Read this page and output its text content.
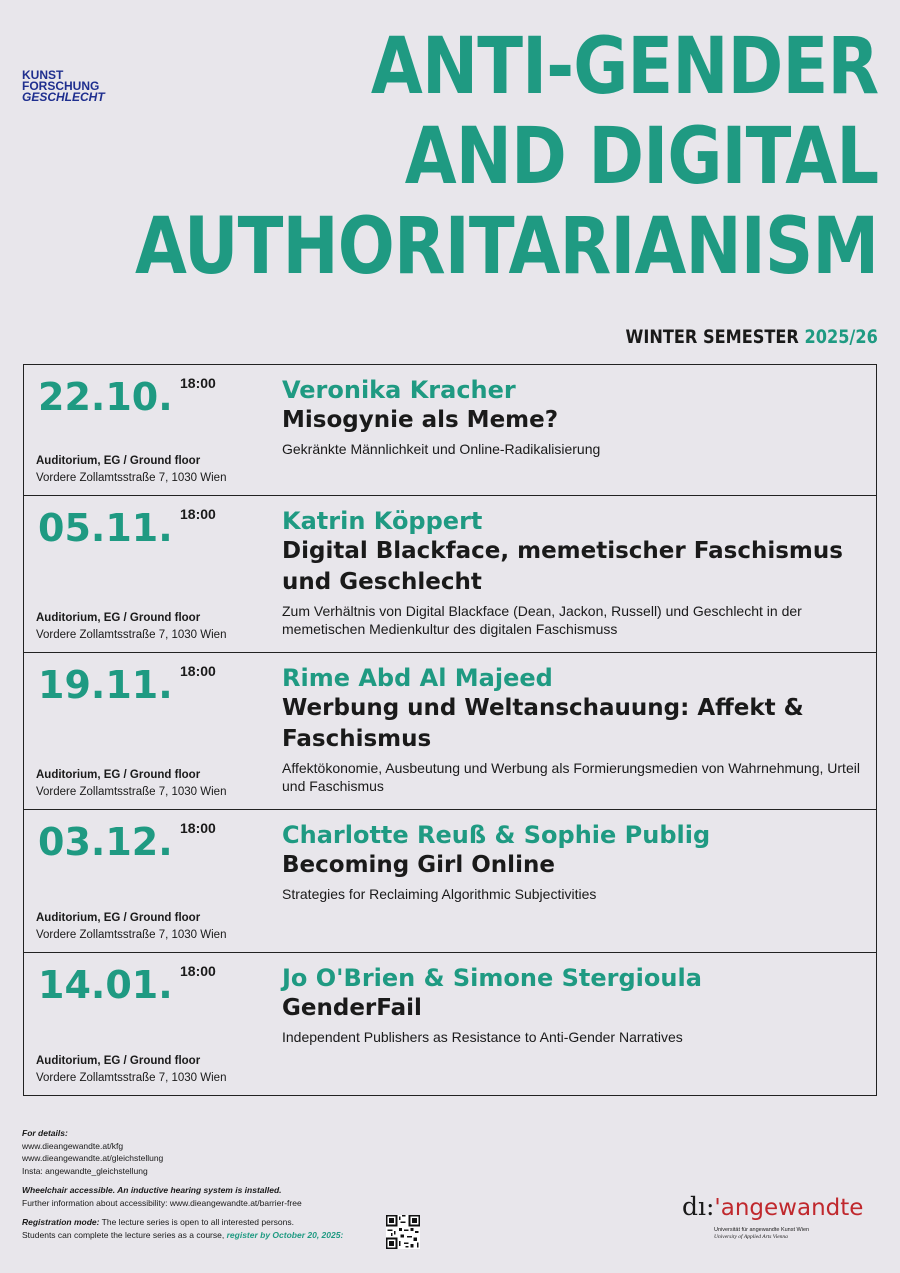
KUNST
FORSCHUNG
GESCHLECHT	ANTI-GENDER
AND DIGITAL
AUTHORITARIANISM
WINTER SEMESTER 2025/26
22.10. 18:00	Veronika Kracher
Misogynie als Meme?
Gekränkte Männlichkeit und Online-Radikalisierung
Auditorium, EG / Ground floor
Vordere Zollamtsstraße 7, 1030 Wien
05.11. 18:00	Katrin Köppert
Digital Blackface, memetischer Faschismus und Geschlecht
Zum Verhältnis von Digital Blackface (Dean, Jackon, Russell) und Geschlecht in der memetischen Medienkultur des digitalen Faschismuss
Auditorium, EG / Ground floor
Vordere Zollamtsstraße 7, 1030 Wien
19.11. 18:00	Rime Abd Al Majeed
Werbung und Weltanschauung: Affekt & Faschismus
Affektökonomie, Ausbeutung und Werbung als Formierungsmedien von Wahrnehmung, Urteil und Faschismus
Auditorium, EG / Ground floor
Vordere Zollamtsstraße 7, 1030 Wien
03.12. 18:00	Charlotte Reuß & Sophie Publig
Becoming Girl Online
Strategies for Reclaiming Algorithmic Subjectivities
Auditorium, EG / Ground floor
Vordere Zollamtsstraße 7, 1030 Wien
14.01. 18:00	Jo O'Brien & Simone Stergioula
GenderFail
Independent Publishers as Resistance to Anti-Gender Narratives
Auditorium, EG / Ground floor
Vordere Zollamtsstraße 7, 1030 Wien
For details:
www.dieangewandte.at/kfg
www.dieangewandte.at/gleichstellung
Insta: angewandte_gleichstellung
Wheelchair accessible. An inductive hearing system is installed.
Further information about accessibility: www.dieangewandte.at/barrier-free
Registration mode: The lecture series is open to all interested persons.
Students can complete the lecture series as a course, register by October 20, 2025:
dı:'angewandte
Universität für angewandte Kunst Wien
University of Applied Arts Vienna
